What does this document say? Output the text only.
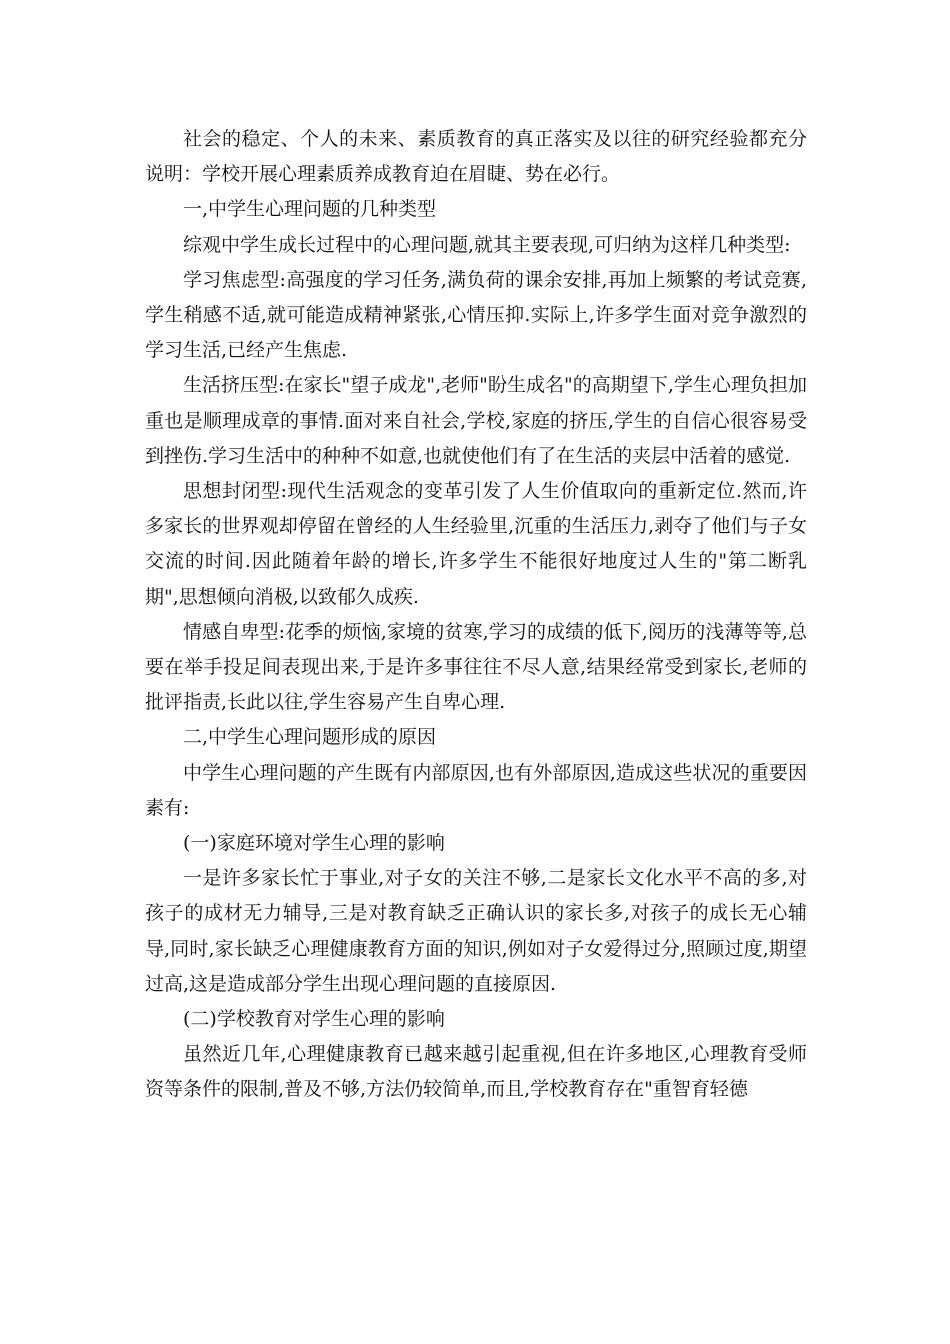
社会的稳定、个人的未来、素质教育的真正落实及以往的研究经验都充分说明：学校开展心理素质养成教育迫在眉睫、势在必行。

一,中学生心理问题的几种类型

综观中学生成长过程中的心理问题,就其主要表现,可归纳为这样几种类型:

学习焦虑型:高强度的学习任务,满负荷的课余安排,再加上频繁的考试竞赛,学生稍感不适,就可能造成精神紧张,心情压抑.实际上,许多学生面对竞争激烈的学习生活,已经产生焦虑.

生活挤压型:在家长"望子成龙",老师"盼生成名"的高期望下,学生心理负担加重也是顺理成章的事情.面对来自社会,学校,家庭的挤压,学生的自信心很容易受到挫伤.学习生活中的种种不如意,也就使他们有了在生活的夹层中活着的感觉.

思想封闭型:现代生活观念的变革引发了人生价值取向的重新定位.然而,许多家长的世界观却停留在曾经的人生经验里,沉重的生活压力,剥夺了他们与子女交流的时间.因此随着年龄的增长,许多学生不能很好地度过人生的"第二断乳期",思想倾向消极,以致郁久成疾.

情感自卑型:花季的烦恼,家境的贫寒,学习的成绩的低下,阅历的浅薄等等,总要在举手投足间表现出来,于是许多事往往不尽人意,结果经常受到家长,老师的批评指责,长此以往,学生容易产生自卑心理.

二,中学生心理问题形成的原因

中学生心理问题的产生既有内部原因,也有外部原因,造成这些状况的重要因素有:

(一)家庭环境对学生心理的影响

一是许多家长忙于事业,对子女的关注不够,二是家长文化水平不高的多,对孩子的成材无力辅导,三是对教育缺乏正确认识的家长多,对孩子的成长无心辅导,同时,家长缺乏心理健康教育方面的知识,例如对子女爱得过分,照顾过度,期望过高,这是造成部分学生出现心理问题的直接原因.

(二)学校教育对学生心理的影响

虽然近几年,心理健康教育已越来越引起重视,但在许多地区,心理教育受师资等条件的限制,普及不够,方法仍较简单,而且,学校教育存在"重智育轻德
